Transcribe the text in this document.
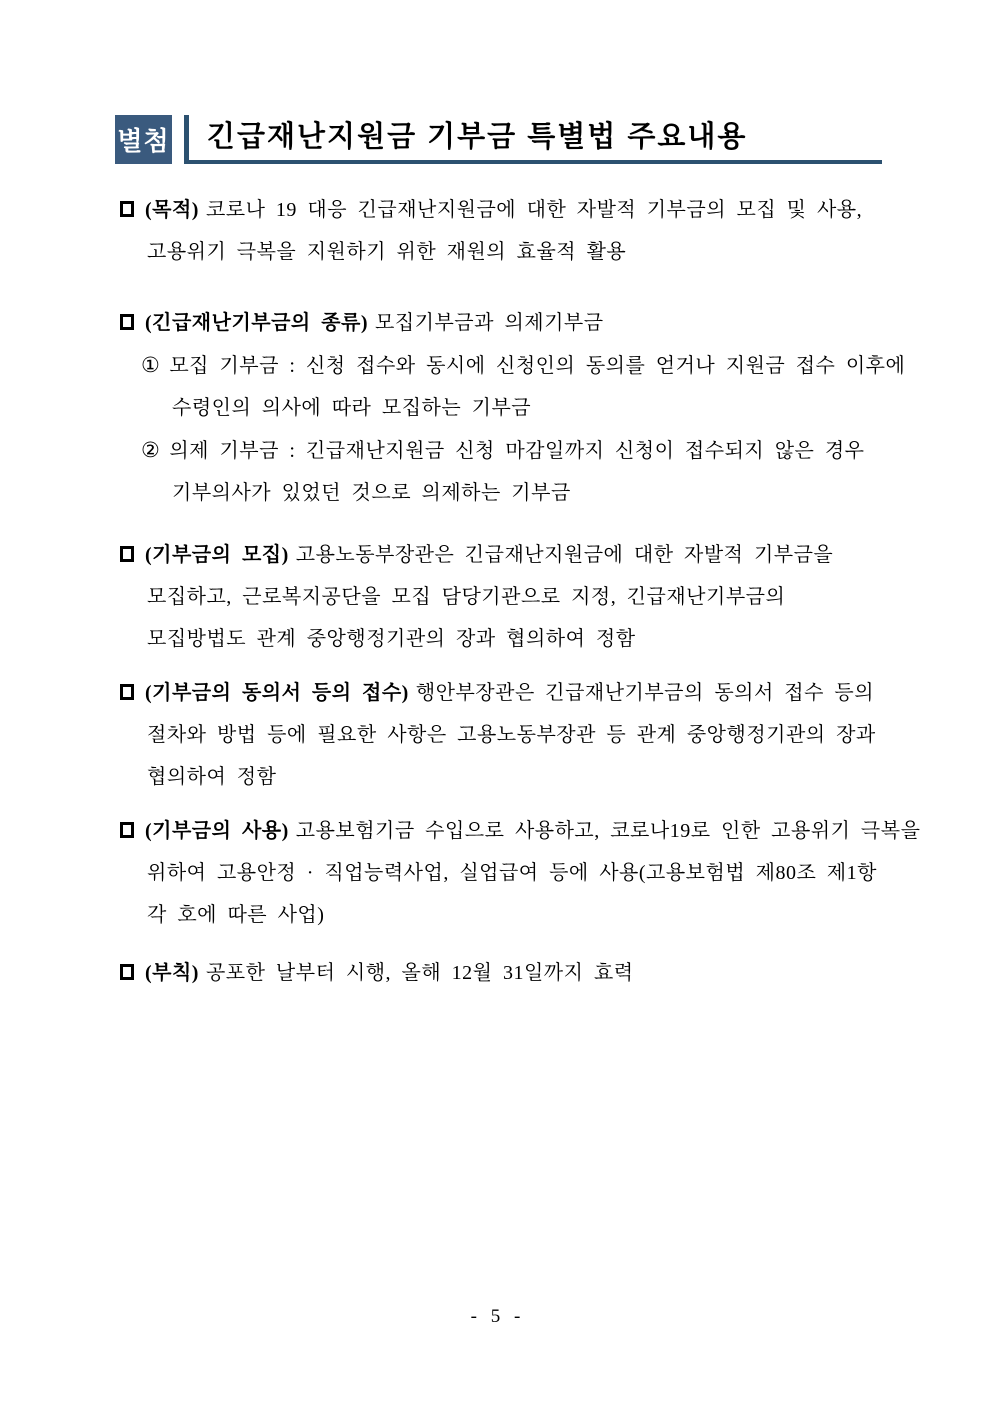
별첨 긴급재난지원금 기부금 특별법 주요내용
(목적) 코로나 19 대응 긴급재난지원금에 대한 자발적 기부금의 모집 및 사용,
고용위기 극복을 지원하기 위한 재원의 효율적 활용
(긴급재난기부금의 종류) 모집기부금과 의제기부금
① 모집 기부금 : 신청 접수와 동시에 신청인의 동의를 얻거나 지원금 접수 이후에
수령인의 의사에 따라 모집하는 기부금
② 의제 기부금 : 긴급재난지원금 신청 마감일까지 신청이 접수되지 않은 경우
기부의사가 있었던 것으로 의제하는 기부금
(기부금의 모집) 고용노동부장관은 긴급재난지원금에 대한 자발적 기부금을
모집하고, 근로복지공단을 모집 담당기관으로 지정, 긴급재난기부금의
모집방법도 관계 중앙행정기관의 장과 협의하여 정함
(기부금의 동의서 등의 접수) 행안부장관은 긴급재난기부금의 동의서 접수 등의
절차와 방법 등에 필요한 사항은 고용노동부장관 등 관계 중앙행정기관의 장과
협의하여 정함
(기부금의 사용) 고용보험기금 수입으로 사용하고, 코로나19로 인한 고용위기 극복을
위하여 고용안정 · 직업능력사업, 실업급여 등에 사용(고용보험법 제80조 제1항
각 호에 따른 사업)
(부칙) 공포한 날부터 시행, 올해 12월 31일까지 효력
- 5 -
